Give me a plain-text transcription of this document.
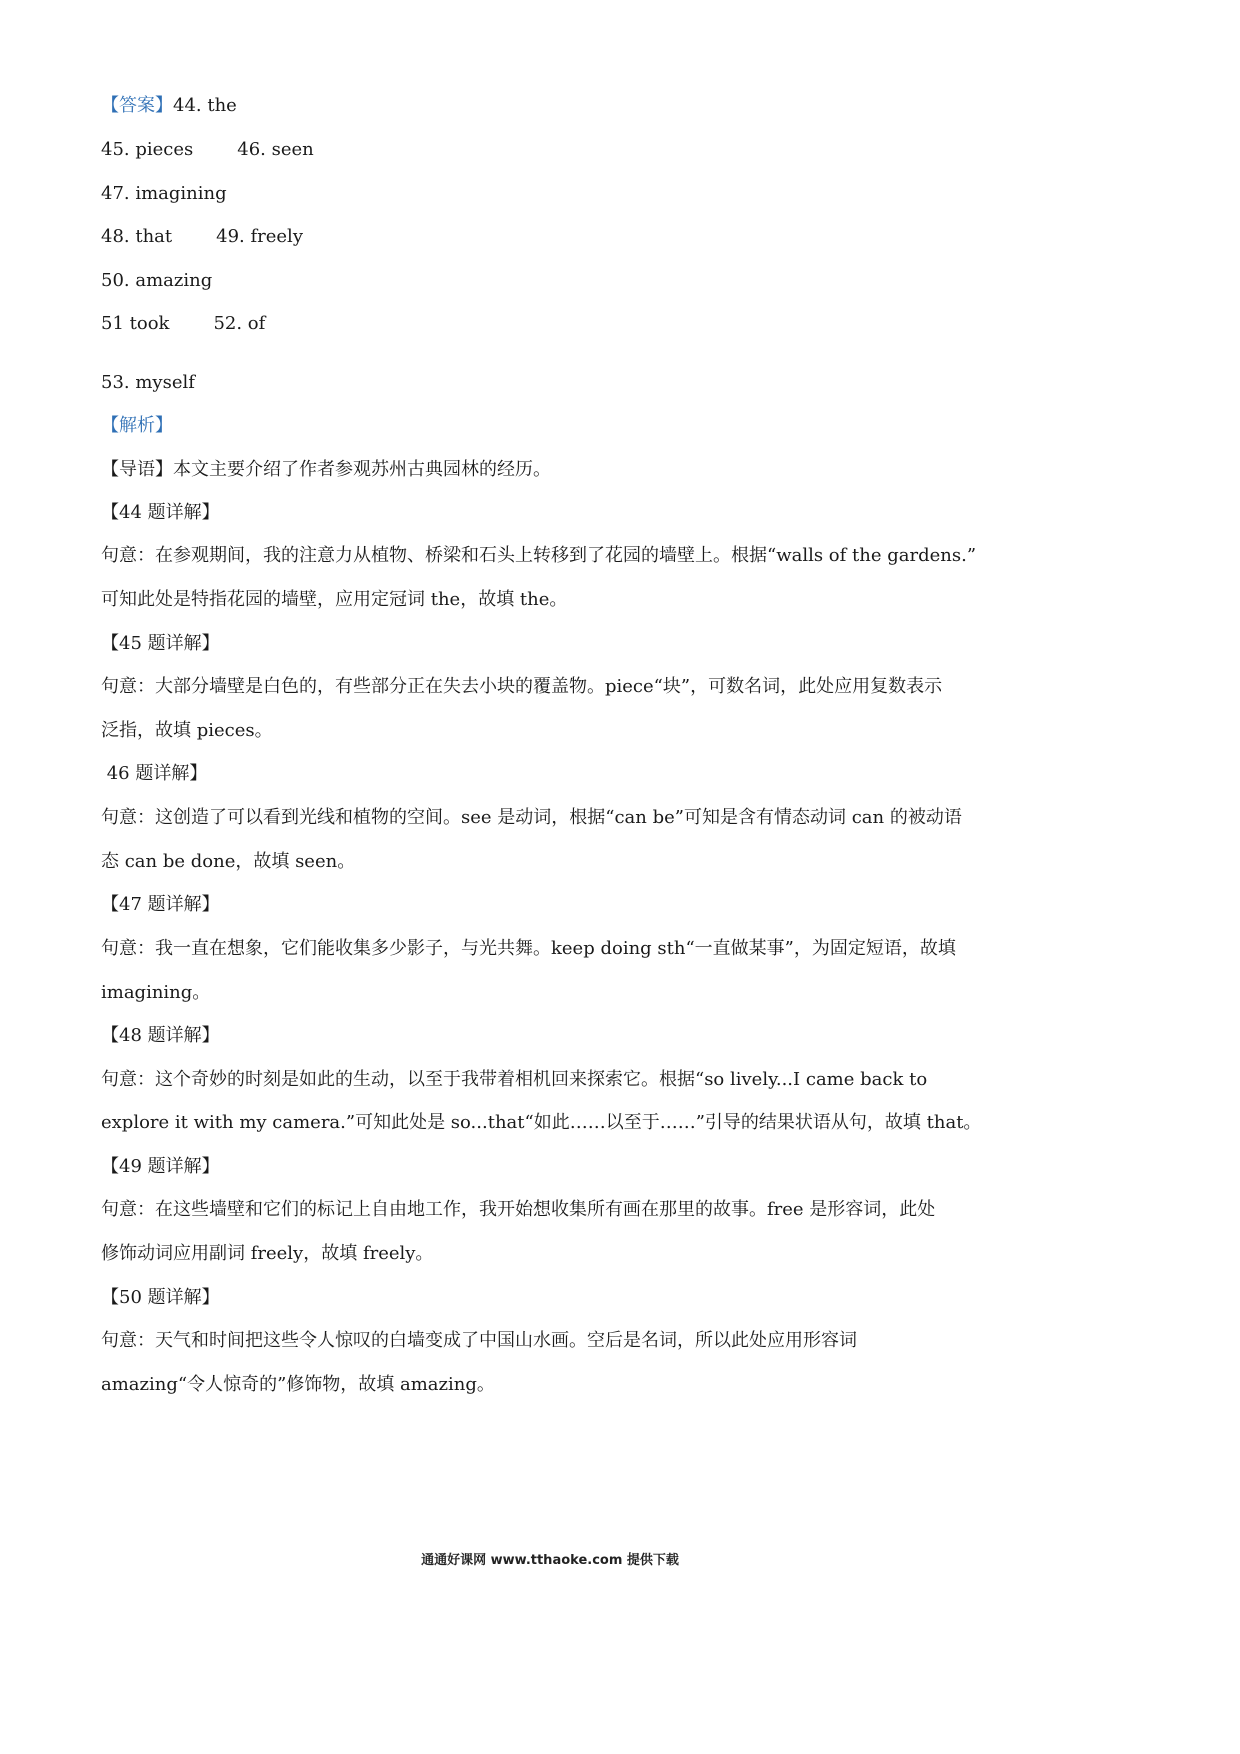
【答案】44. the
45. pieces 46. seen
47. imagining
48. that 49. freely
50. amazing
51 took 52. of
53. myself
【解析】
【导语】本文主要介绍了作者参观苏州古典园林的经历。
【44 题详解】
句意：在参观期间，我的注意力从植物、桥梁和石头上转移到了花园的墙壁上。根据“walls of the gardens.”
可知此处是特指花园的墙壁，应用定冠词 the，故填 the。
【45 题详解】
句意：大部分墙壁是白色的，有些部分正在失去小块的覆盖物。piece“块”，可数名词，此处应用复数表示
泛指，故填 pieces。
46 题详解】
句意：这创造了可以看到光线和植物的空间。see 是动词，根据“can be”可知是含有情态动词 can 的被动语
态 can be done，故填 seen。
【47 题详解】
句意：我一直在想象，它们能收集多少影子，与光共舞。keep doing sth“一直做某事”，为固定短语，故填
imagining。
【48 题详解】
句意：这个奇妙的时刻是如此的生动，以至于我带着相机回来探索它。根据“so lively...I came back to
explore it with my camera.”可知此处是 so...that“如此……以至于……”引导的结果状语从句，故填 that。
【49 题详解】
句意：在这些墙壁和它们的标记上自由地工作，我开始想收集所有画在那里的故事。free 是形容词，此处
修饰动词应用副词 freely，故填 freely。
【50 题详解】
句意：天气和时间把这些令人惊叹的白墙变成了中国山水画。空后是名词，所以此处应用形容词
amazing“令人惊奇的”修饰物，故填 amazing。
通通好课网 www.tthaoke.com 提供下载
